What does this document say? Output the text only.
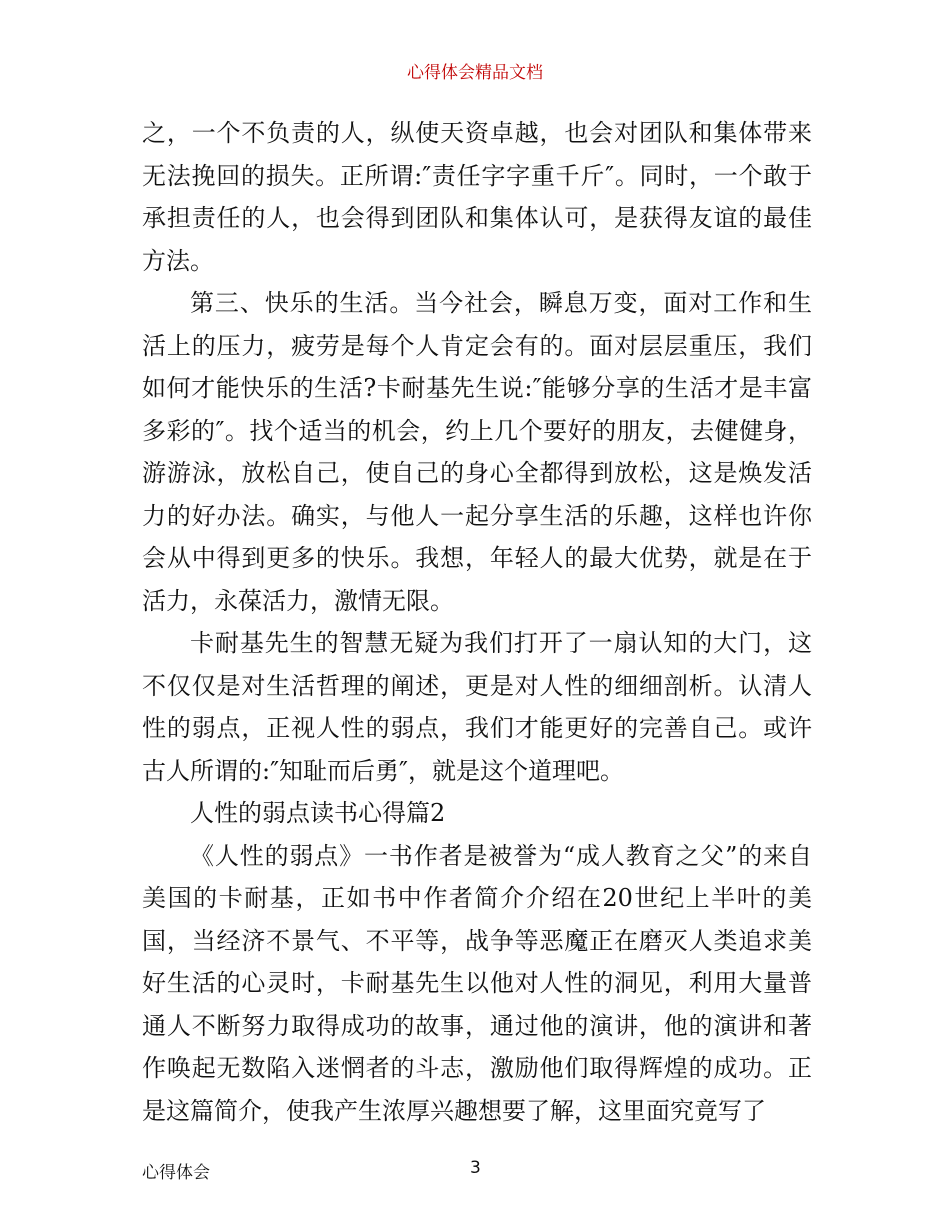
心得体会精品文档

之，一个不负责的人，纵使天资卓越，也会对团队和集体带来无法挽回的损失。正所谓:″责任字字重千斤″。同时，一个敢于承担责任的人，也会得到团队和集体认可，是获得友谊的最佳方法。

第三、快乐的生活。当今社会，瞬息万变，面对工作和生活上的压力，疲劳是每个人肯定会有的。面对层层重压，我们如何才能快乐的生活?卡耐基先生说:″能够分享的生活才是丰富多彩的″。找个适当的机会，约上几个要好的朋友，去健健身，游游泳，放松自己，使自己的身心全都得到放松，这是焕发活力的好办法。确实，与他人一起分享生活的乐趣，这样也许你会从中得到更多的快乐。我想，年轻人的最大优势，就是在于活力，永葆活力，激情无限。

卡耐基先生的智慧无疑为我们打开了一扇认知的大门，这不仅仅是对生活哲理的阐述，更是对人性的细细剖析。认清人性的弱点，正视人性的弱点，我们才能更好的完善自己。或许古人所谓的:″知耻而后勇″，就是这个道理吧。

人性的弱点读书心得篇2

《人性的弱点》一书作者是被誉为“成人教育之父”的来自美国的卡耐基，正如书中作者简介介绍在20世纪上半叶的美国，当经济不景气、不平等，战争等恶魔正在磨灭人类追求美好生活的心灵时，卡耐基先生以他对人性的洞见，利用大量普通人不断努力取得成功的故事，通过他的演讲，他的演讲和著作唤起无数陷入迷惘者的斗志，激励他们取得辉煌的成功。正是这篇简介，使我产生浓厚兴趣想要了解，这里面究竟写了

心得体会	3
